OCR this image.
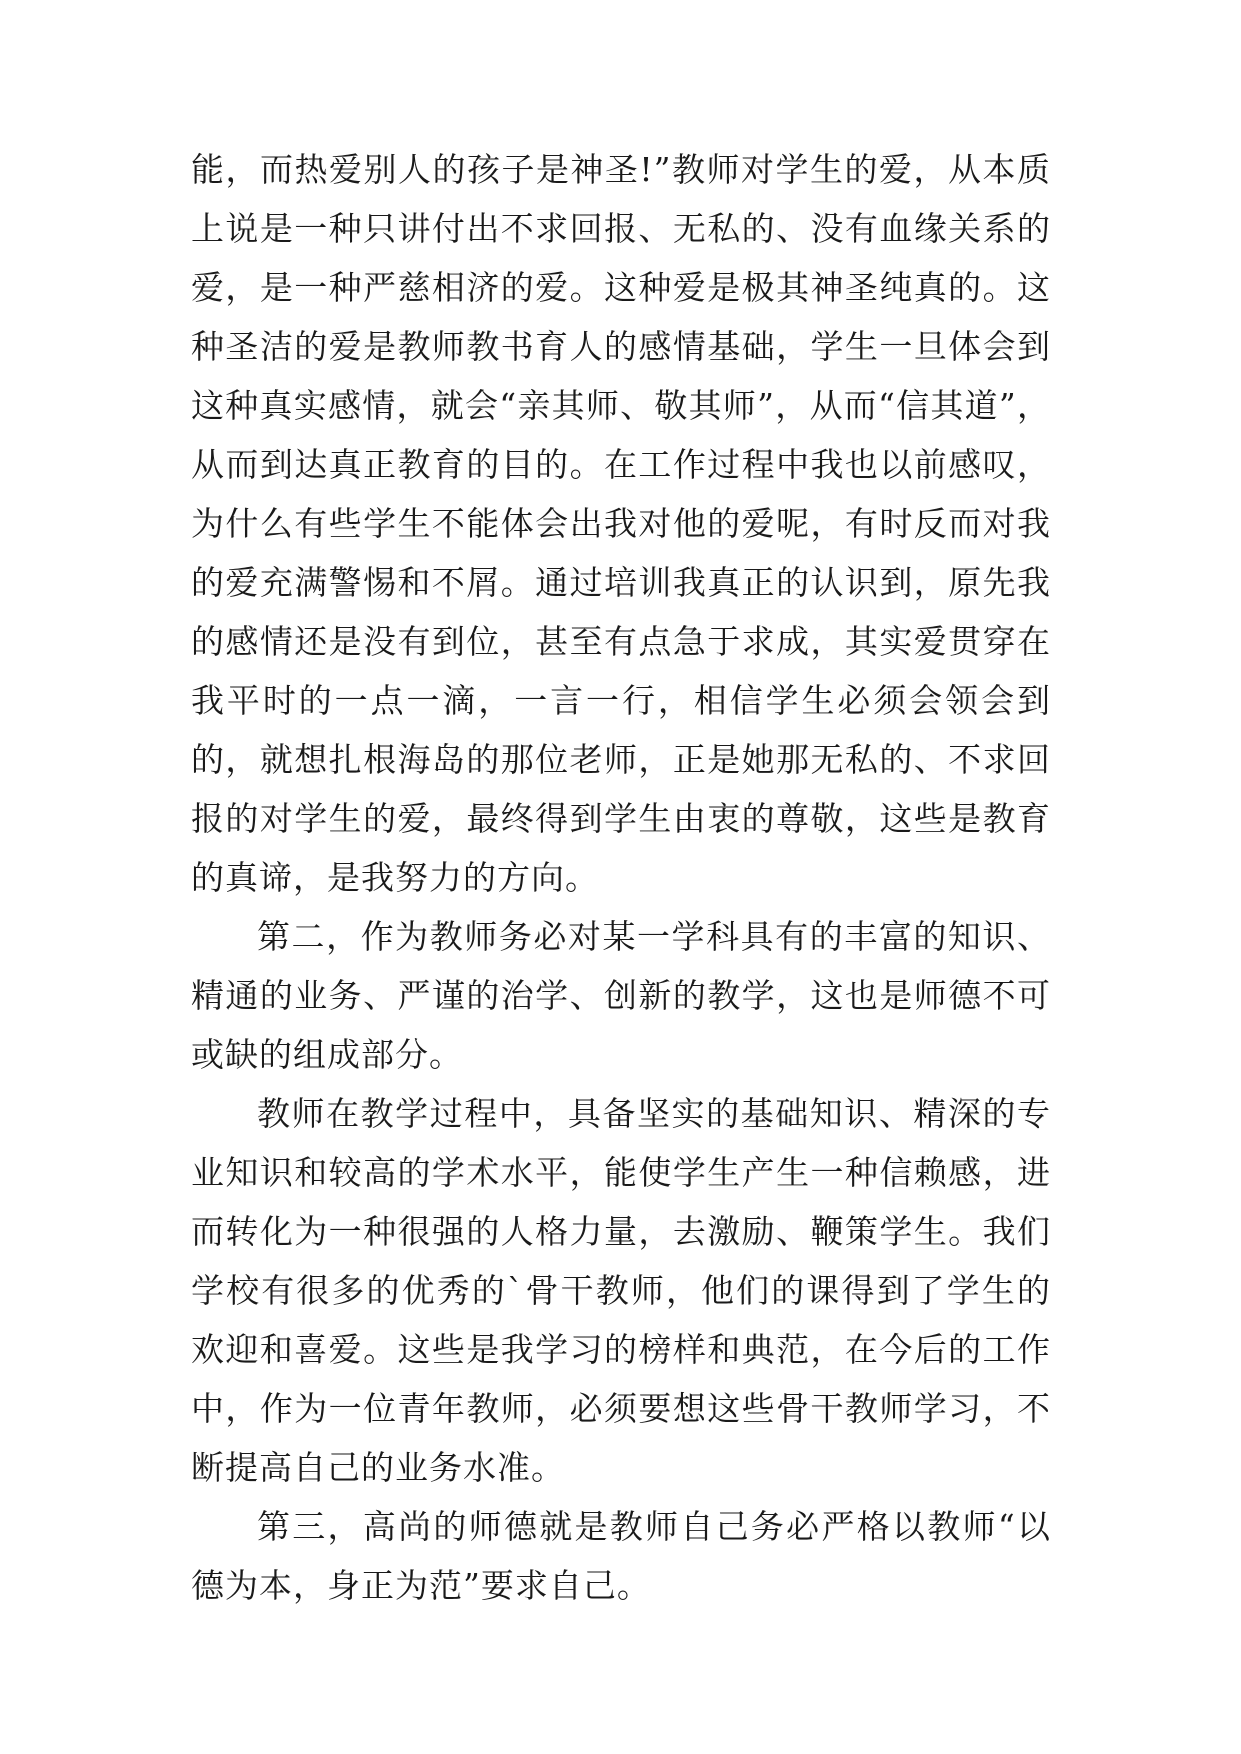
能，而热爱别人的孩子是神圣!”教师对学生的爱，从本质上说是一种只讲付出不求回报、无私的、没有血缘关系的爱，是一种严慈相济的爱。这种爱是极其神圣纯真的。这种圣洁的爱是教师教书育人的感情基础，学生一旦体会到这种真实感情，就会“亲其师、敬其师”，从而“信其道”，从而到达真正教育的目的。在工作过程中我也以前感叹，为什么有些学生不能体会出我对他的爱呢，有时反而对我的爱充满警惕和不屑。通过培训我真正的认识到，原先我的感情还是没有到位，甚至有点急于求成，其实爱贯穿在我平时的一点一滴，一言一行，相信学生必须会领会到的，就想扎根海岛的那位老师，正是她那无私的、不求回报的对学生的爱，最终得到学生由衷的尊敬，这些是教育的真谛，是我努力的方向。

第二，作为教师务必对某一学科具有的丰富的知识、精通的业务、严谨的治学、创新的教学，这也是师德不可或缺的组成部分。

教师在教学过程中，具备坚实的基础知识、精深的专业知识和较高的学术水平，能使学生产生一种信赖感，进而转化为一种很强的人格力量，去激励、鞭策学生。我们学校有很多的优秀的`骨干教师，他们的课得到了学生的欢迎和喜爱。这些是我学习的榜样和典范，在今后的工作中，作为一位青年教师，必须要想这些骨干教师学习，不断提高自己的业务水准。

第三，高尚的师德就是教师自己务必严格以教师“以德为本，身正为范”要求自己。
